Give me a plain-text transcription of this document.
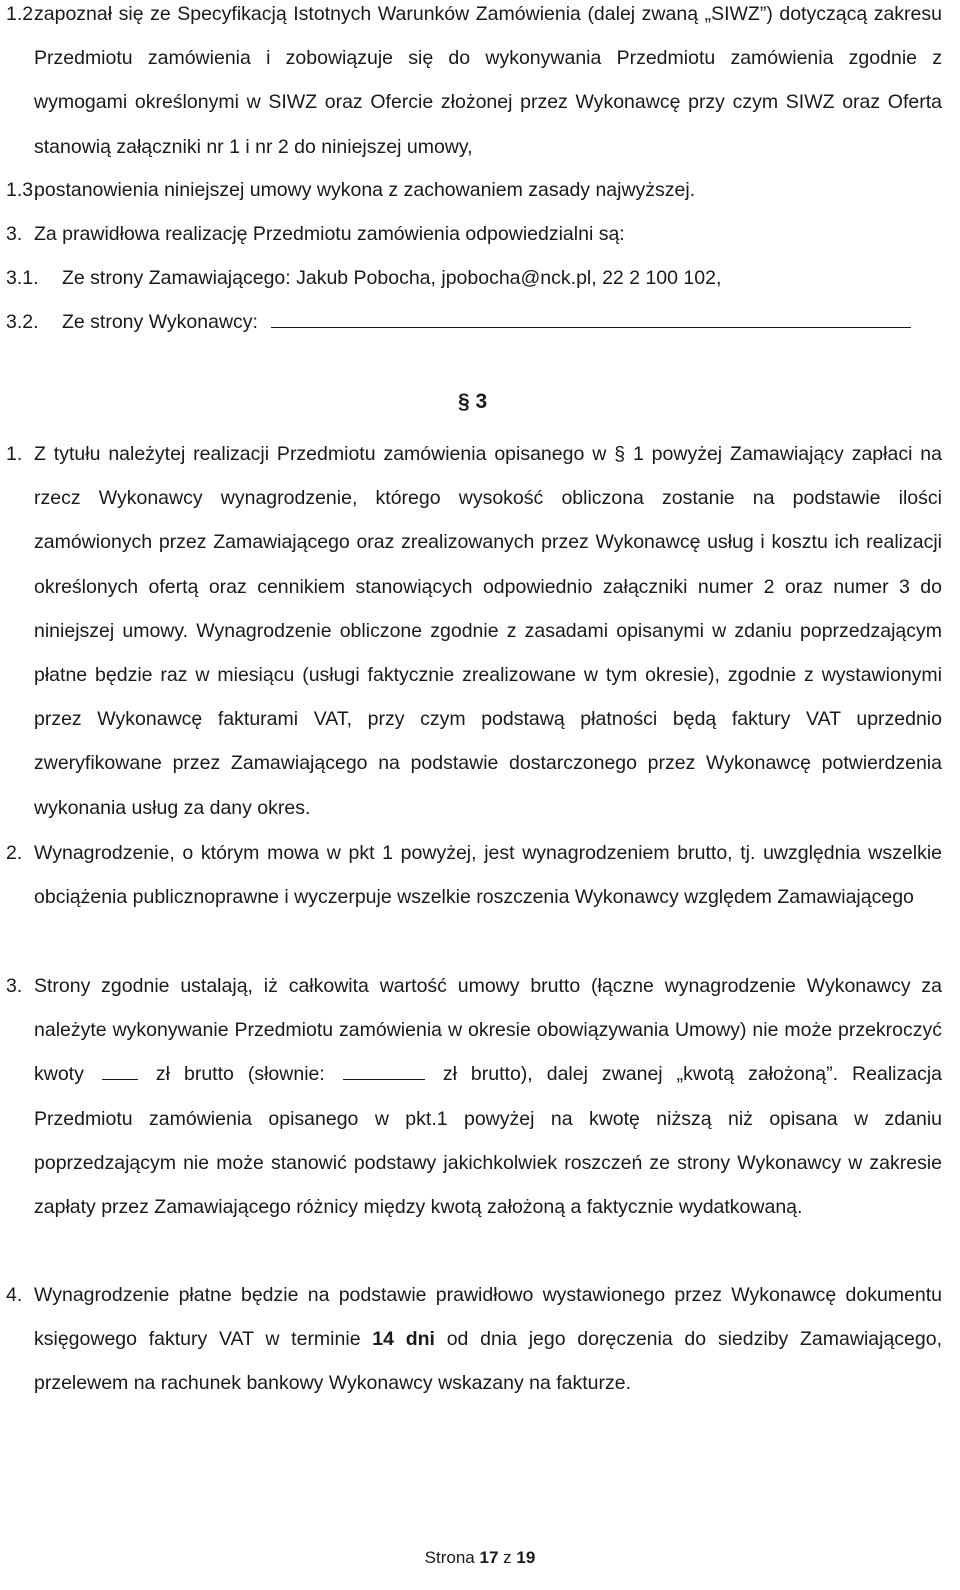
1.2.
zapoznał się ze Specyfikacją Istotnych Warunków Zamówienia (dalej zwaną „SIWZ”) dotyczącą zakresu Przedmiotu zamówienia i zobowiązuje się do wykonywania Przedmiotu zamówienia zgodnie z wymogami określonymi w SIWZ oraz Ofercie złożonej przez Wykonawcę przy czym SIWZ oraz Oferta stanowią załączniki nr 1 i nr 2 do niniejszej umowy,
1.3.
postanowienia niniejszej umowy wykona z zachowaniem zasady najwyższej.
3. Za prawidłowa realizację Przedmiotu zamówienia odpowiedzialni są:
3.1. Ze strony Zamawiającego: Jakub Pobocha, jpobocha@nck.pl, 22 2 100 102,
3.2. Ze strony Wykonawcy:
§ 3
1. Z tytułu należytej realizacji Przedmiotu zamówienia opisanego w § 1 powyżej Zamawiający zapłaci na rzecz Wykonawcy wynagrodzenie, którego wysokość obliczona zostanie na podstawie ilości zamówionych przez Zamawiającego oraz zrealizowanych przez Wykonawcę usług i kosztu ich realizacji określonych ofertą oraz cennikiem stanowiących odpowiednio załączniki numer 2 oraz numer 3 do niniejszej umowy. Wynagrodzenie obliczone zgodnie z zasadami opisanymi w zdaniu poprzedzającym płatne będzie raz w miesiącu (usługi faktycznie zrealizowane w tym okresie), zgodnie z wystawionymi przez Wykonawcę fakturami VAT, przy czym podstawą płatności będą faktury VAT uprzednio zweryfikowane przez Zamawiającego na podstawie dostarczonego przez Wykonawcę potwierdzenia wykonania usług za dany okres.
2. Wynagrodzenie, o którym mowa w pkt 1 powyżej, jest wynagrodzeniem brutto, tj. uwzględnia wszelkie obciążenia publicznoprawne i wyczerpuje wszelkie roszczenia Wykonawcy względem Zamawiającego
3. Strony zgodnie ustalają, iż całkowita wartość umowy brutto (łączne wynagrodzenie Wykonawcy za należyte wykonywanie Przedmiotu zamówienia w okresie obowiązywania Umowy) nie może przekroczyć kwoty	zł brutto (słownie:	zł brutto), dalej zwanej „kwotą założoną”. Realizacja Przedmiotu zamówienia opisanego w pkt.1 powyżej na kwotę niższą niż opisana w zdaniu poprzedzającym nie może stanowić podstawy jakichkolwiek roszczeń ze strony Wykonawcy w zakresie zapłaty przez Zamawiającego różnicy między kwotą założoną a faktycznie wydatkowaną.
4. Wynagrodzenie płatne będzie na podstawie prawidłowo wystawionego przez Wykonawcę dokumentu księgowego faktury VAT w terminie 14 dni od dnia jego doręczenia do siedziby Zamawiającego, przelewem na rachunek bankowy Wykonawcy wskazany na fakturze.
Strona 17 z 19
